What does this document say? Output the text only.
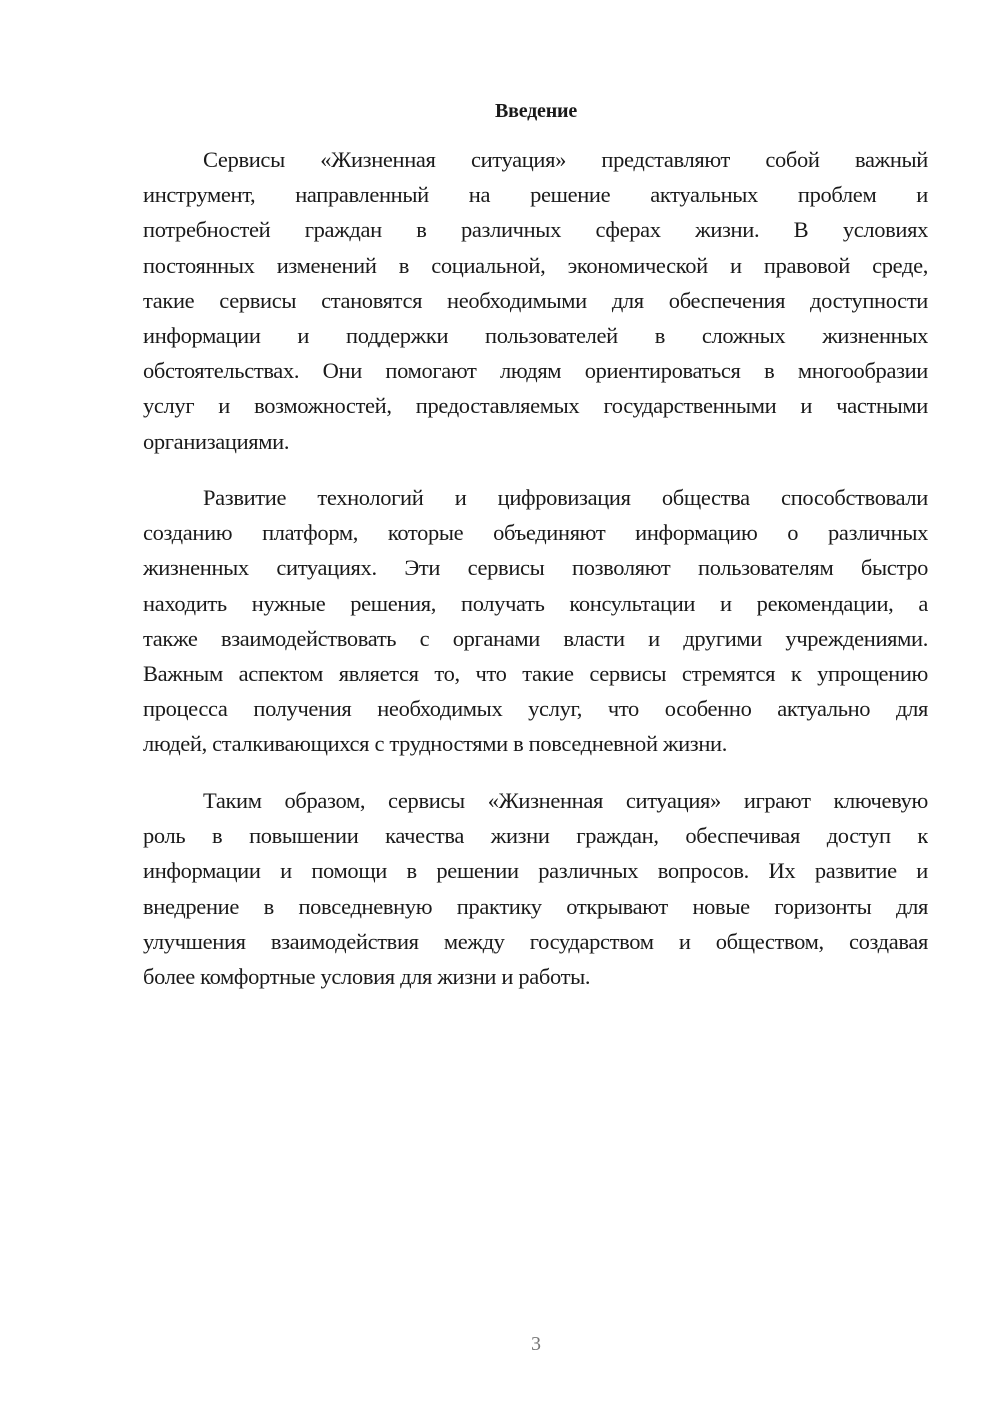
Введение
Сервисы «Жизненная ситуация» представляют собой важный
инструмент, направленный на решение актуальных проблем и
потребностей граждан в различных сферах жизни. В условиях
постоянных изменений в социальной, экономической и правовой среде,
такие сервисы становятся необходимыми для обеспечения доступности
информации и поддержки пользователей в сложных жизненных
обстоятельствах. Они помогают людям ориентироваться в многообразии
услуг и возможностей, предоставляемых государственными и частными
организациями.
Развитие технологий и цифровизация общества способствовали
созданию платформ, которые объединяют информацию о различных
жизненных ситуациях. Эти сервисы позволяют пользователям быстро
находить нужные решения, получать консультации и рекомендации, а
также взаимодействовать с органами власти и другими учреждениями.
Важным аспектом является то, что такие сервисы стремятся к упрощению
процесса получения необходимых услуг, что особенно актуально для
людей, сталкивающихся с трудностями в повседневной жизни.
Таким образом, сервисы «Жизненная ситуация» играют ключевую
роль в повышении качества жизни граждан, обеспечивая доступ к
информации и помощи в решении различных вопросов. Их развитие и
внедрение в повседневную практику открывают новые горизонты для
улучшения взаимодействия между государством и обществом, создавая
более комфортные условия для жизни и работы.
3
